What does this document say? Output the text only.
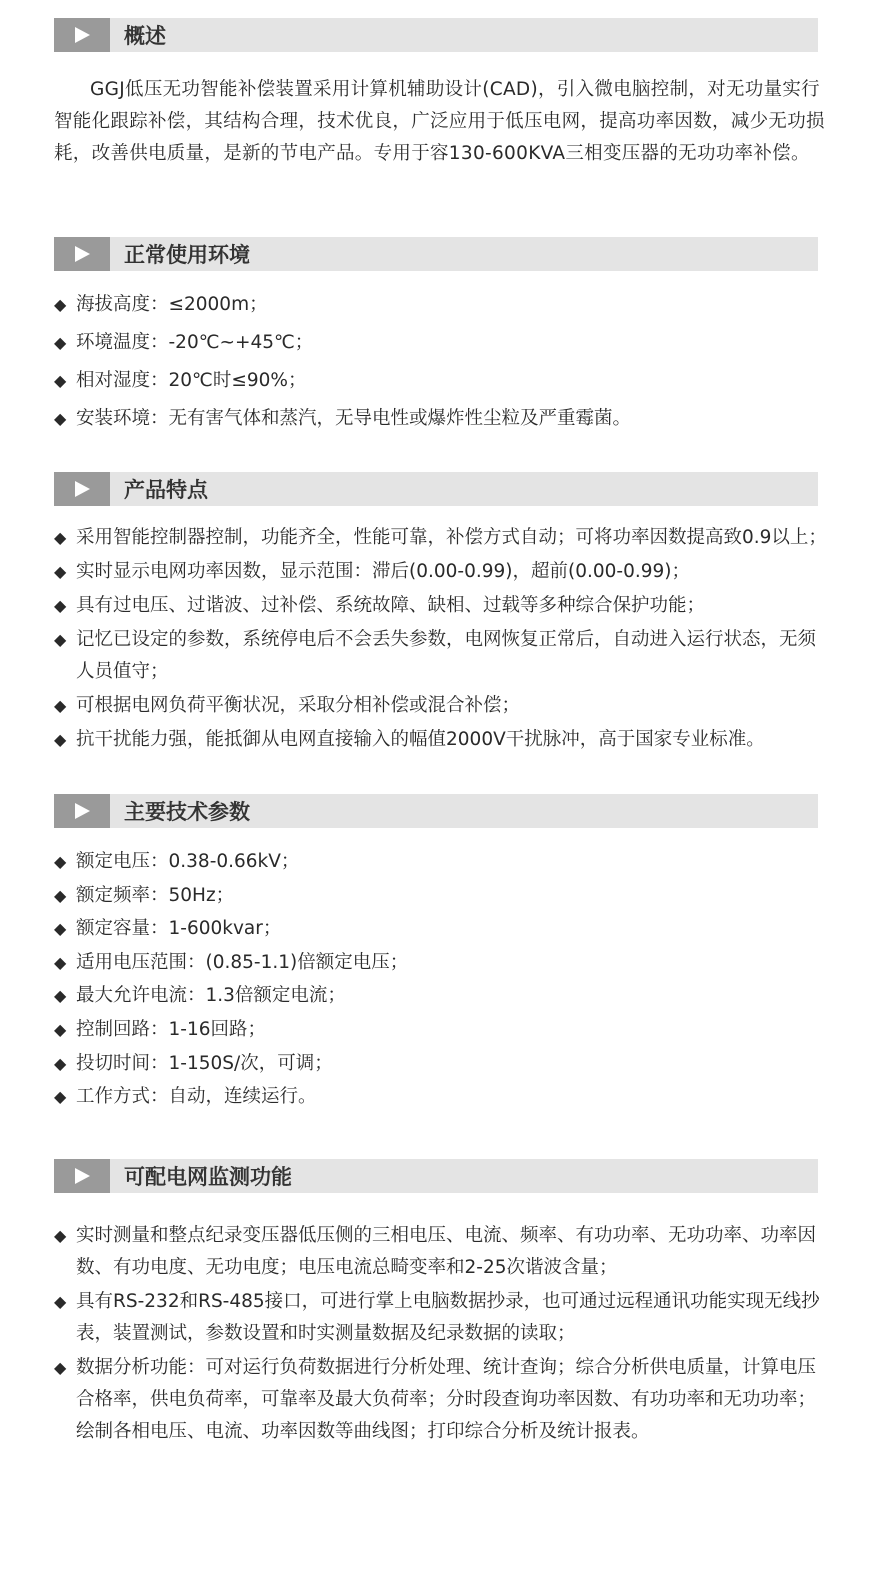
概述
GGJ低压无功智能补偿装置采用计算机辅助设计(CAD)，引入微电脑控制，对无功量实行智能化跟踪补偿，其结构合理，技术优良，广泛应用于低压电网，提高功率因数，减少无功损耗，改善供电质量，是新的节电产品。专用于容130-600KVA三相变压器的无功功率补偿。
正常使用环境
◆ 海拔高度：≤2000m；
◆ 环境温度：-20℃~+45℃；
◆ 相对湿度：20℃时≤90%；
◆ 安装环境：无有害气体和蒸汽，无导电性或爆炸性尘粒及严重霉菌。
产品特点
◆ 采用智能控制器控制，功能齐全，性能可靠，补偿方式自动；可将功率因数提高致0.9以上；
◆ 实时显示电网功率因数，显示范围：滞后(0.00-0.99)，超前(0.00-0.99)；
◆ 具有过电压、过谐波、过补偿、系统故障、缺相、过载等多种综合保护功能；
◆ 记忆已设定的参数，系统停电后不会丢失参数，电网恢复正常后，自动进入运行状态，无须人员值守；
◆ 可根据电网负荷平衡状况，采取分相补偿或混合补偿；
◆ 抗干扰能力强，能抵御从电网直接输入的幅值2000V干扰脉冲，高于国家专业标准。
主要技术参数
◆ 额定电压：0.38-0.66kV；
◆ 额定频率：50Hz；
◆ 额定容量：1-600kvar；
◆ 适用电压范围：(0.85-1.1)倍额定电压；
◆ 最大允许电流：1.3倍额定电流；
◆ 控制回路：1-16回路；
◆ 投切时间：1-150S/次，可调；
◆ 工作方式：自动，连续运行。
可配电网监测功能
◆ 实时测量和整点纪录变压器低压侧的三相电压、电流、频率、有功功率、无功功率、功率因数、有功电度、无功电度；电压电流总畸变率和2-25次谐波含量；
◆ 具有RS-232和RS-485接口，可进行掌上电脑数据抄录，也可通过远程通讯功能实现无线抄表，装置测试，参数设置和时实测量数据及纪录数据的读取；
◆ 数据分析功能：可对运行负荷数据进行分析处理、统计查询；综合分析供电质量，计算电压合格率，供电负荷率，可靠率及最大负荷率；分时段查询功率因数、有功功率和无功功率；绘制各相电压、电流、功率因数等曲线图；打印综合分析及统计报表。
